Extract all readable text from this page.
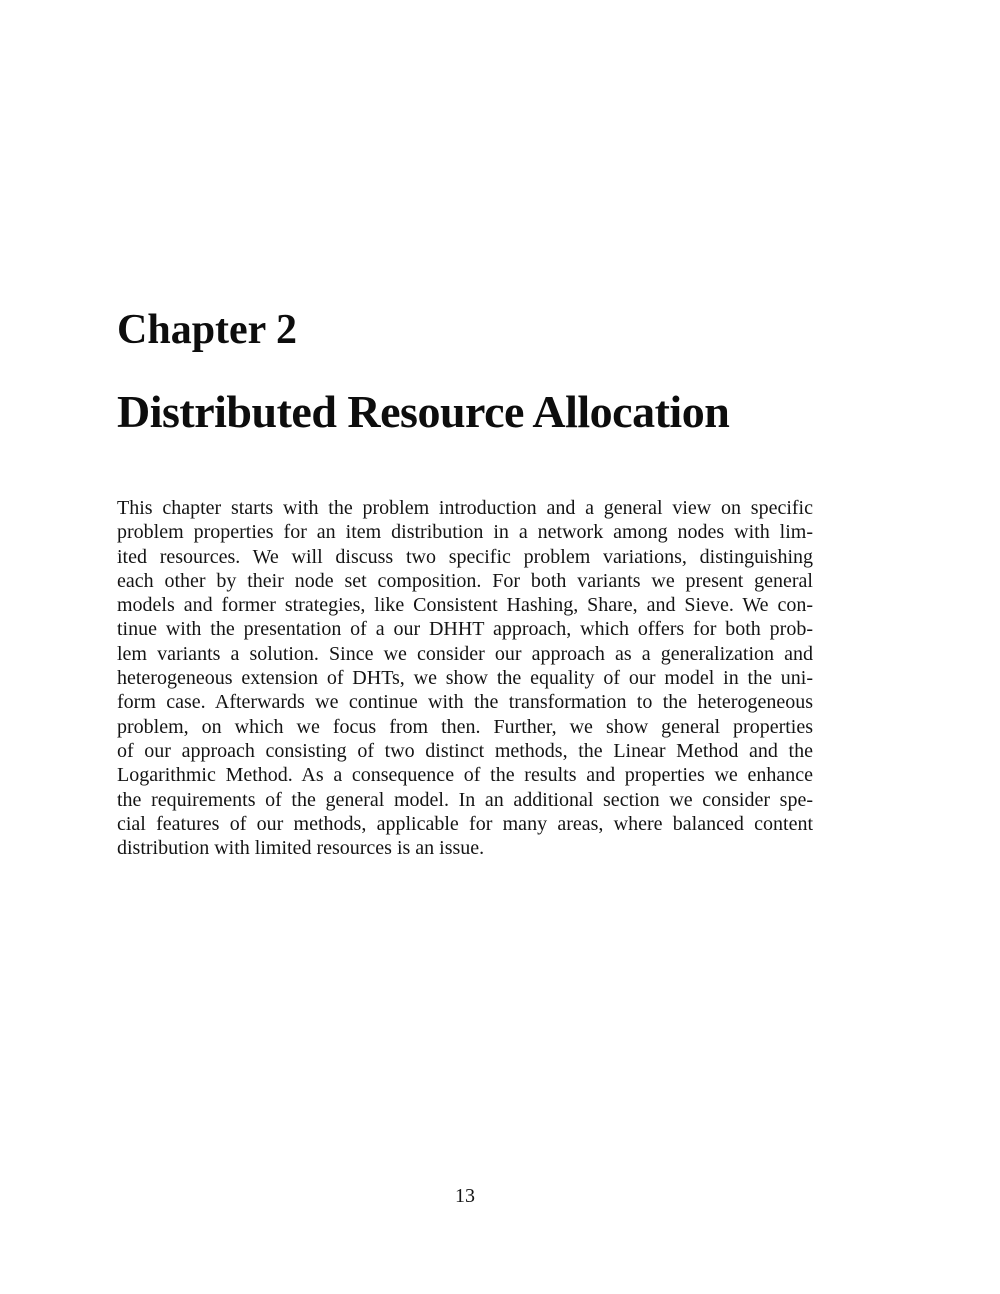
Chapter 2
Distributed Resource Allocation
This chapter starts with the problem introduction and a general view on specific
problem properties for an item distribution in a network among nodes with lim-
ited resources. We will discuss two specific problem variations, distinguishing
each other by their node set composition. For both variants we present general
models and former strategies, like Consistent Hashing, Share, and Sieve. We con-
tinue with the presentation of a our DHHT approach, which offers for both prob-
lem variants a solution. Since we consider our approach as a generalization and
heterogeneous extension of DHTs, we show the equality of our model in the uni-
form case. Afterwards we continue with the transformation to the heterogeneous
problem, on which we focus from then. Further, we show general properties
of our approach consisting of two distinct methods, the Linear Method and the
Logarithmic Method. As a consequence of the results and properties we enhance
the requirements of the general model. In an additional section we consider spe-
cial features of our methods, applicable for many areas, where balanced content
distribution with limited resources is an issue.
13
